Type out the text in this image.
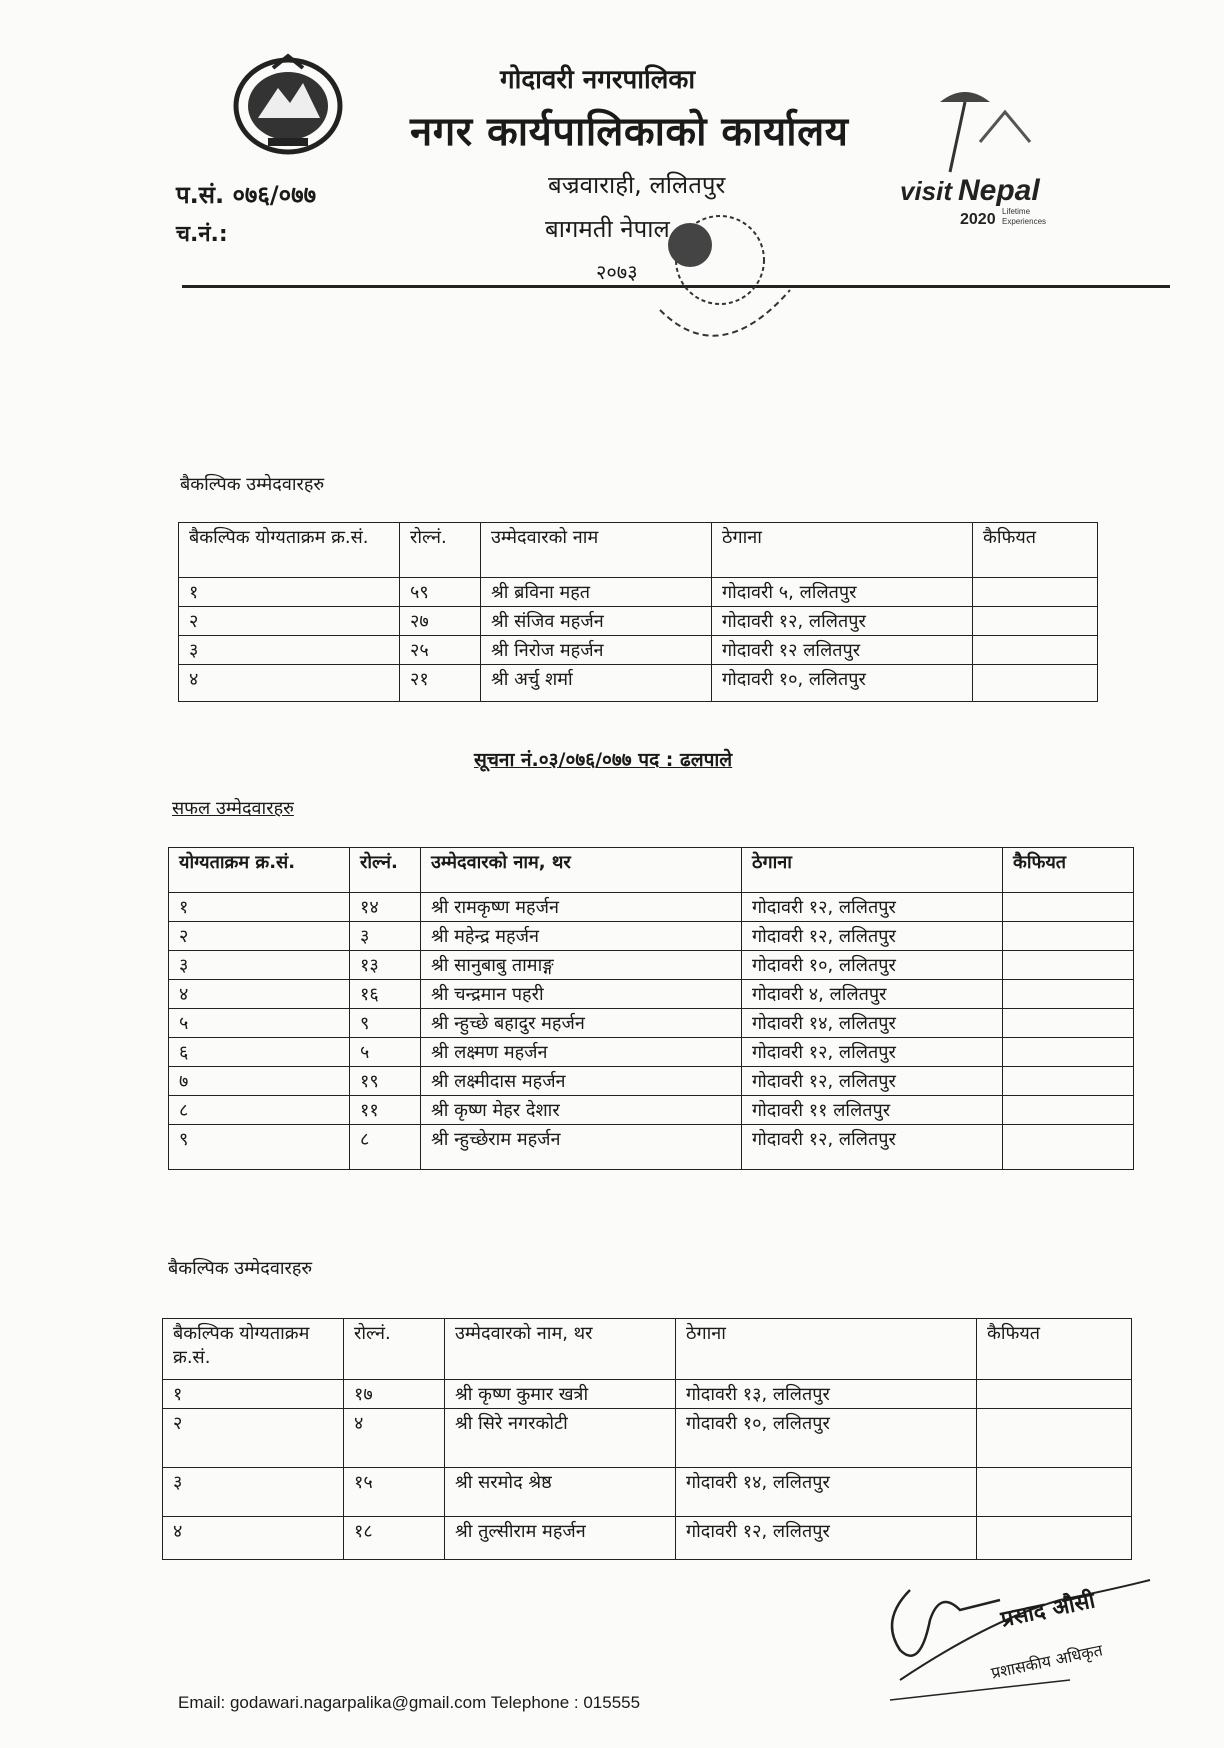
गोदावरी नगरपालिका
नगर कार्यपालिकाको कार्यालय
बज्रवाराही, ललितपुर
बागमती नेपाल
२०७३
प.सं. ०७६/०७७
च.नं.:
visit Nepal
2020 Lifetime
Experiences
बैकल्पिक उम्मेदवारहरु
बैकल्पिक योग्यताक्रम क्र.सं.	रोल्नं.	उम्मेदवारको नाम	ठेगाना	कैफियत
१	५९	श्री ब्रविना महत	गोदावरी ५, ललितपुर	
२	२७	श्री संजिव महर्जन	गोदावरी १२, ललितपुर	
३	२५	श्री निरोज महर्जन	गोदावरी १२ ललितपुर	
४	२१	श्री अर्चु शर्मा	गोदावरी १०, ललितपुर	
सूचना नं.०३/०७६/०७७ पद : ढलपाले
सफल उम्मेदवारहरु
योग्यताक्रम क्र.सं.	रोल्नं.	उम्मेदवारको नाम, थर	ठेगाना	कैफियत
१	१४	श्री रामकृष्ण महर्जन	गोदावरी १२, ललितपुर	
२	३	श्री महेन्द्र महर्जन	गोदावरी १२, ललितपुर	
३	१३	श्री सानुबाबु तामाङ्ग	गोदावरी १०, ललितपुर	
४	१६	श्री चन्द्रमान पहरी	गोदावरी ४, ललितपुर	
५	९	श्री न्हुच्छे बहादुर महर्जन	गोदावरी १४, ललितपुर	
६	५	श्री लक्ष्मण महर्जन	गोदावरी १२, ललितपुर	
७	१९	श्री लक्ष्मीदास महर्जन	गोदावरी १२, ललितपुर	
८	११	श्री कृष्ण मेहर देशार	गोदावरी ११ ललितपुर	
९	८	श्री न्हुच्छेराम महर्जन	गोदावरी १२, ललितपुर	
बैकल्पिक उम्मेदवारहरु
बैकल्पिक योग्यताक्रम क्र.सं.	रोल्नं.	उम्मेदवारको नाम, थर	ठेगाना	कैफियत
१	१७	श्री कृष्ण कुमार खत्री	गोदावरी १३, ललितपुर	
२	४	श्री सिरे नगरकोटी	गोदावरी १०, ललितपुर	
३	१५	श्री सरमोद श्रेष्ठ	गोदावरी १४, ललितपुर	
४	१८	श्री तुल्सीराम महर्जन	गोदावरी १२, ललितपुर	
प्रसाद औसी
प्रशासकीय अधिकृत
Email: godawari.nagarpalika@gmail.com Telephone : 015555
